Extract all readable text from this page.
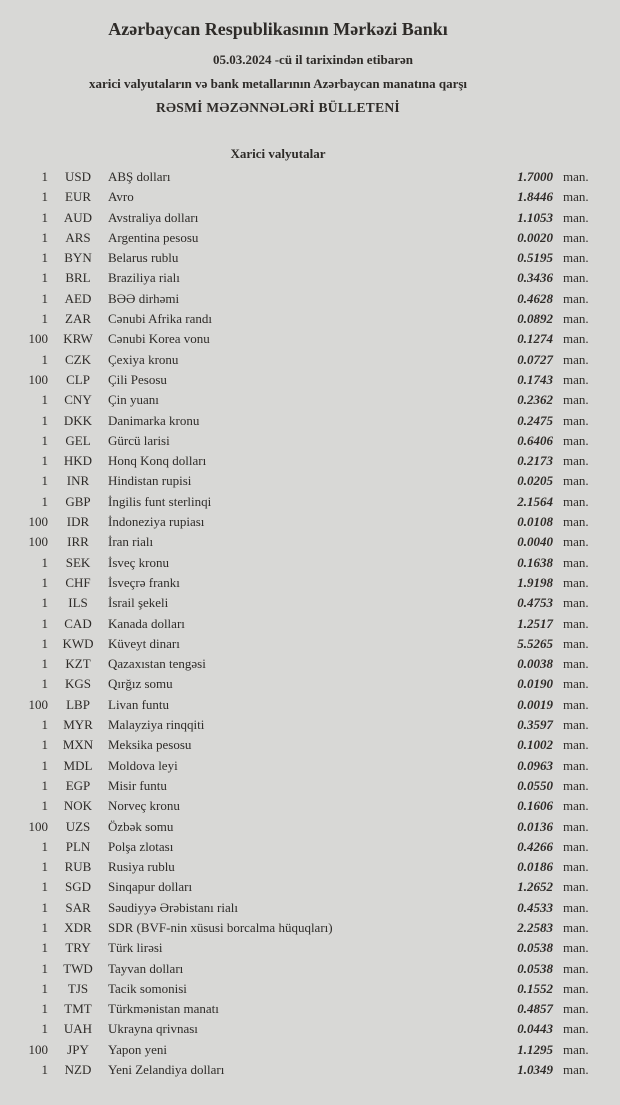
Azərbaycan Respublikasının Mərkəzi Bankı
05.03.2024 -cü il tarixindən etibarən
xarici valyutaların və bank metallarının Azərbaycan manatına qarşı
RƏSMİ MƏZƏNNƏLƏRİ BÜLLETENİ
Xarici valyutalar
1	USD	ABŞ dolları	1.7000 man.
1	EUR	Avro	1.8446 man.
1	AUD	Avstraliya dolları	1.1053 man.
1	ARS	Argentina pesosu	0.0020 man.
1	BYN	Belarus rublu	0.5195 man.
1	BRL	Braziliya rialı	0.3436 man.
1	AED	BƏƏ dirhəmi	0.4628 man.
1	ZAR	Cənubi Afrika randı	0.0892 man.
100	KRW	Cənubi Korea vonu	0.1274 man.
1	CZK	Çexiya kronu	0.0727 man.
100	CLP	Çili Pesosu	0.1743 man.
1	CNY	Çin yuanı	0.2362 man.
1	DKK	Danimarka kronu	0.2475 man.
1	GEL	Gürcü larisi	0.6406 man.
1	HKD	Honq Konq dolları	0.2173 man.
1	INR	Hindistan rupisi	0.0205 man.
1	GBP	İngilis funt sterlinqi	2.1564 man.
100	IDR	İndoneziya rupiası	0.0108 man.
100	IRR	İran rialı	0.0040 man.
1	SEK	İsveç kronu	0.1638 man.
1	CHF	İsveçrə frankı	1.9198 man.
1	ILS	İsrail şekeli	0.4753 man.
1	CAD	Kanada dolları	1.2517 man.
1	KWD	Küveyt dinarı	5.5265 man.
1	KZT	Qazaxıstan tengəsi	0.0038 man.
1	KGS	Qırğız somu	0.0190 man.
100	LBP	Livan funtu	0.0019 man.
1	MYR	Malayziya rinqqiti	0.3597 man.
1	MXN	Meksika pesosu	0.1002 man.
1	MDL	Moldova leyi	0.0963 man.
1	EGP	Misir funtu	0.0550 man.
1	NOK	Norveç kronu	0.1606 man.
100	UZS	Özbək somu	0.0136 man.
1	PLN	Polşa zlotası	0.4266 man.
1	RUB	Rusiya rublu	0.0186 man.
1	SGD	Sinqapur dolları	1.2652 man.
1	SAR	Səudiyyə Ərəbistanı rialı	0.4533 man.
1	XDR	SDR (BVF-nin xüsusi borcalma hüquqları)	2.2583 man.
1	TRY	Türk lirəsi	0.0538 man.
1	TWD	Tayvan dolları	0.0538 man.
1	TJS	Tacik somonisi	0.1552 man.
1	TMT	Türkmənistan manatı	0.4857 man.
1	UAH	Ukrayna qrivnası	0.0443 man.
100	JPY	Yapon yeni	1.1295 man.
1	NZD	Yeni Zelandiya dolları	1.0349 man.
